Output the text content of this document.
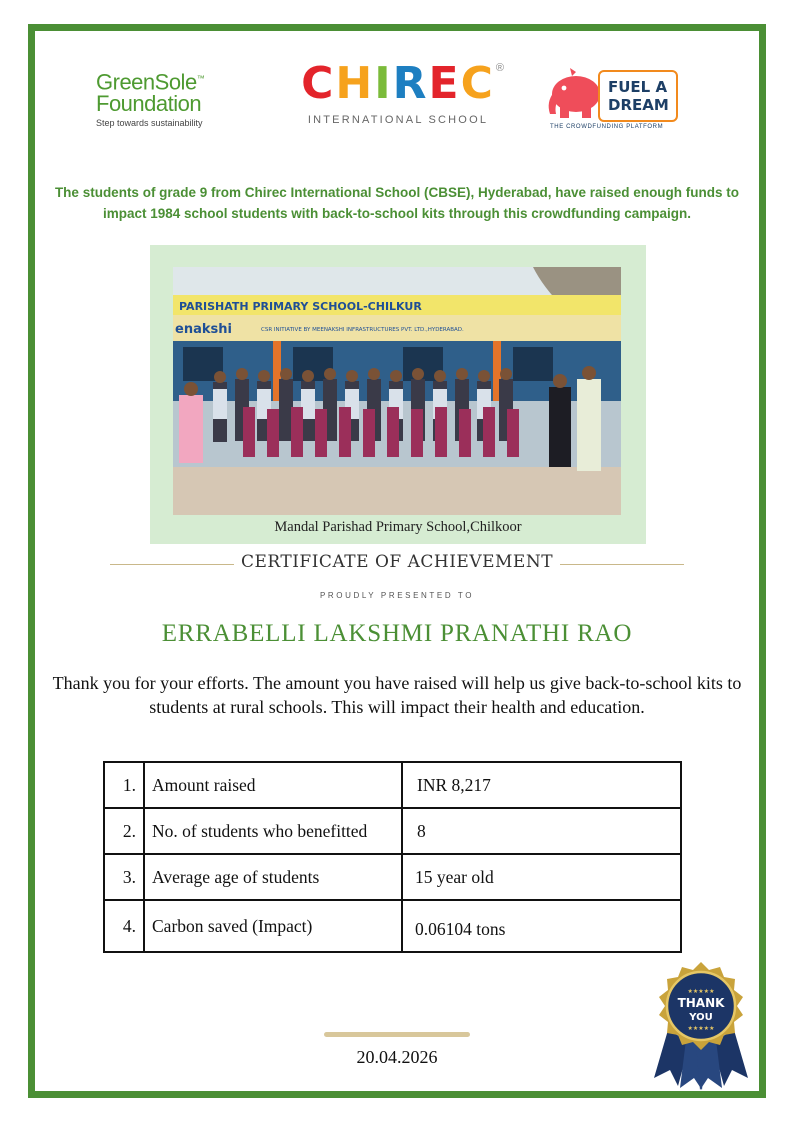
GreenSole™
Foundation
Step towards sustainability
CHIREC ®
INTERNATIONAL SCHOOL
FUEL A
DREAM
THE CROWDFUNDING PLATFORM
The students of grade 9 from Chirec International School (CBSE), Hyderabad, have raised enough funds to impact 1984 school students with back-to-school kits through this crowdfunding campaign.
PARISHATH PRIMARY SCHOOL-CHILKUR
enakshi	CSR INITIATIVE BY MEENAKSHI INFRASTRUCTURES PVT. LTD.,HYDERABAD.
Mandal Parishad Primary School,Chilkoor
CERTIFICATE OF ACHIEVEMENT
PROUDLY PRESENTED TO
ERRABELLI LAKSHMI PRANATHI RAO
Thank you for your efforts. The amount you have raised will help us give back-to-school kits to students at rural schools. This will impact their health and education.
1.	Amount raised	INR 8,217
2.	No. of students who benefitted	8
3.	Average age of students	15 year old
4.	Carbon saved (Impact)	0.06104 tons
★★★★★
THANK
YOU
★★★★★
20.04.2026
